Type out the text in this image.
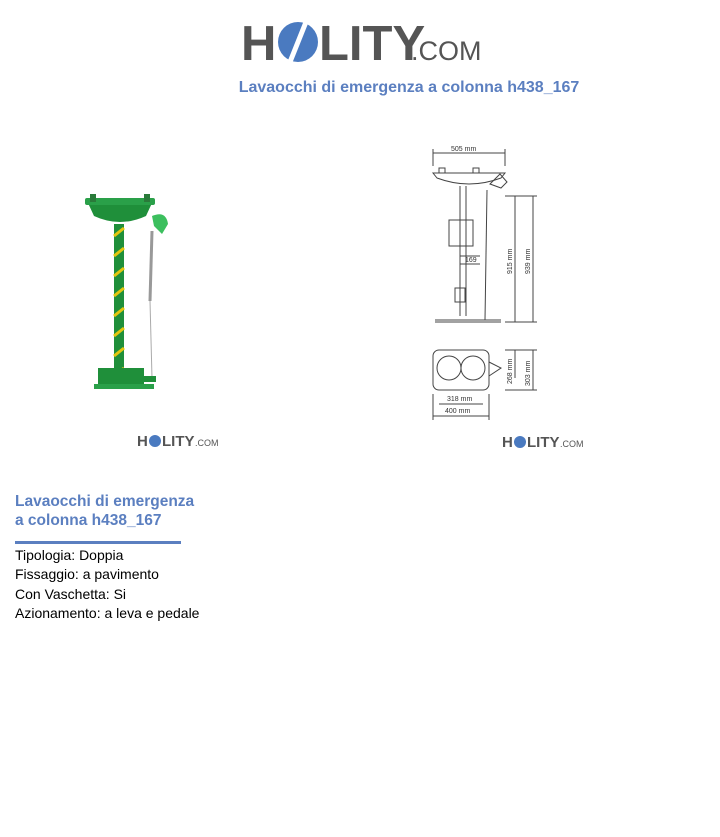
H LITY
.COM
Lavaocchi di emergenza a colonna h438_167
H LITY .COM
505 mm
169	915 mm 939 mm
268 mm 303 mm
318 mm
400 mm
H LITY .COM
Lavaocchi di emergenza
a colonna h438_167
Tipologia: Doppia
Fissaggio: a pavimento
Con Vaschetta: Si
Azionamento: a leva e pedale
